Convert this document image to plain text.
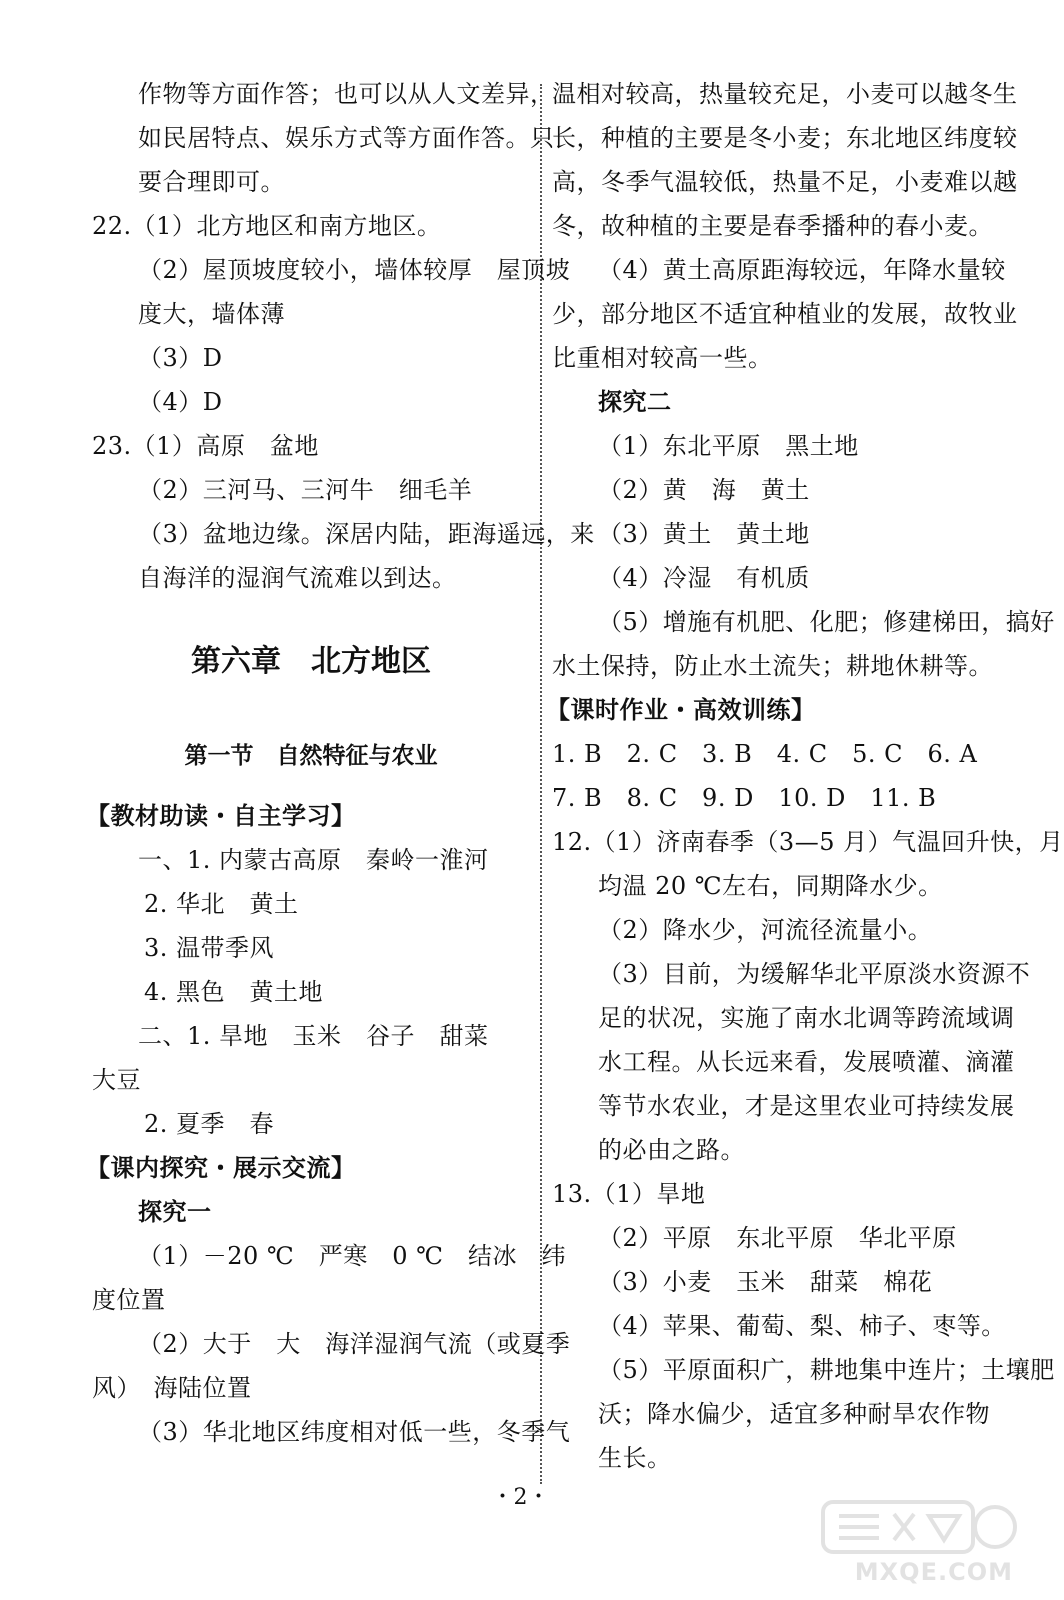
作物等方面作答；也可以从人文差异，
如民居特点、娱乐方式等方面作答。只
要合理即可。
22.（1）北方地区和南方地区。
（2）屋顶坡度较小，墙体较厚　屋顶坡
度大，墙体薄
（3）D
（4）D
23.（1）高原　盆地
（2）三河马、三河牛　细毛羊
（3）盆地边缘。深居内陆，距海遥远，来
自海洋的湿润气流难以到达。
第六章　北方地区
第一节　自然特征与农业
【教材助读・自主学习】
一、1. 内蒙古高原　秦岭一淮河
2. 华北　黄土
3. 温带季风
4. 黑色　黄土地
二、1. 旱地　玉米　谷子　甜菜
大豆
2. 夏季　春
【课内探究・展示交流】
探究一
（1）－20 ℃　严寒　0 ℃　结冰　纬
度位置
（2）大于　大　海洋湿润气流（或夏季
风）　海陆位置
（3）华北地区纬度相对低一些，冬季气
温相对较高，热量较充足，小麦可以越冬生
长，种植的主要是冬小麦；东北地区纬度较
高，冬季气温较低，热量不足，小麦难以越
冬，故种植的主要是春季播种的春小麦。
（4）黄土高原距海较远，年降水量较
少，部分地区不适宜种植业的发展，故牧业
比重相对较高一些。
探究二
（1）东北平原　黑土地
（2）黄　海　黄土
（3）黄土　黄土地
（4）冷湿　有机质
（5）增施有机肥、化肥；修建梯田，搞好
水土保持，防止水土流失；耕地休耕等。
【课时作业・高效训练】
1. B　2. C　3. B　4. C　5. C　6. A
7. B　8. C　9. D　10. D　11. B
12.（1）济南春季（3—5 月）气温回升快，月
均温 20 ℃左右，同期降水少。
（2）降水少，河流径流量小。
（3）目前，为缓解华北平原淡水资源不
足的状况，实施了南水北调等跨流域调
水工程。从长远来看，发展喷灌、滴灌
等节水农业，才是这里农业可持续发展
的必由之路。
13.（1）旱地
（2）平原　东北平原　华北平原
（3）小麦　玉米　甜菜　棉花
（4）苹果、葡萄、梨、柿子、枣等。
（5）平原面积广，耕地集中连片；土壤肥
沃；降水偏少，适宜多种耐旱农作物
生长。
・2・
MXQE.COM
